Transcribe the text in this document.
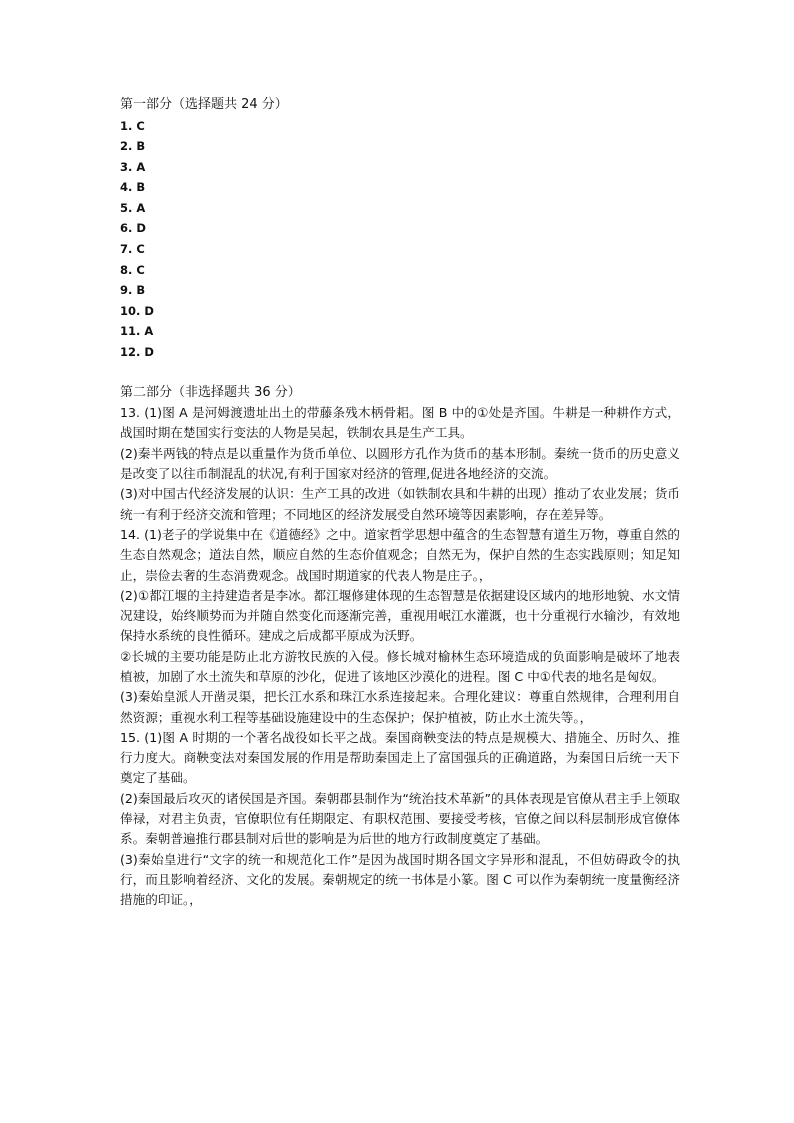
第一部分（选择题共 24 分）

1. C
2. B
3. A
4. B
5. A
6. D
7. C
8. C
9. B
10. D
11. A
12. D

第二部分（非选择题共 36 分）

13. (1)图 A 是河姆渡遗址出土的带藤条残木柄骨耜。图 B 中的①处是齐国。牛耕是一种耕作方式，战国时期在楚国实行变法的人物是吴起，铁制农具是生产工具。

(2)秦半两钱的特点是以重量作为货币单位、以圆形方孔作为货币的基本形制。秦统一货币的历史意义是改变了以往币制混乱的状况,有利于国家对经济的管理,促进各地经济的交流。

(3)对中国古代经济发展的认识：生产工具的改进（如铁制农具和牛耕的出现）推动了农业发展；货币统一有利于经济交流和管理；不同地区的经济发展受自然环境等因素影响，存在差异等。

14. (1)老子的学说集中在《道德经》之中。道家哲学思想中蕴含的生态智慧有道生万物，尊重自然的生态自然观念；道法自然，顺应自然的生态价值观念；自然无为，保护自然的生态实践原则；知足知止，崇俭去奢的生态消费观念。战国时期道家的代表人物是庄子。，

(2)①都江堰的主持建造者是李冰。都江堰修建体现的生态智慧是依据建设区域内的地形地貌、水文情况建设，始终顺势而为并随自然变化而逐渐完善，重视用岷江水灌溉，也十分重视行水输沙，有效地保持水系统的良性循环。建成之后成都平原成为沃野。

②长城的主要功能是防止北方游牧民族的入侵。修长城对榆林生态环境造成的负面影响是破坏了地表植被，加剧了水土流失和草原的沙化，促进了该地区沙漠化的进程。图 C 中①代表的地名是匈奴。

(3)秦始皇派人开凿灵渠，把长江水系和珠江水系连接起来。合理化建议：尊重自然规律，合理利用自然资源；重视水利工程等基础设施建设中的生态保护；保护植被，防止水土流失等。，

15. (1)图 A 时期的一个著名战役如长平之战。秦国商鞅变法的特点是规模大、措施全、历时久、推行力度大。商鞅变法对秦国发展的作用是帮助秦国走上了富国强兵的正确道路，为秦国日后统一天下奠定了基础。

(2)秦国最后攻灭的诸侯国是齐国。秦朝郡县制作为“统治技术革新”的具体表现是官僚从君主手上领取俸禄，对君主负责，官僚职位有任期限定、有职权范围、要接受考核，官僚之间以科层制形成官僚体系。秦朝普遍推行郡县制对后世的影响是为后世的地方行政制度奠定了基础。

(3)秦始皇进行“文字的统一和规范化工作”是因为战国时期各国文字异形和混乱，不但妨碍政令的执行，而且影响着经济、文化的发展。秦朝规定的统一书体是小篆。图 C 可以作为秦朝统一度量衡经济措施的印证。，
